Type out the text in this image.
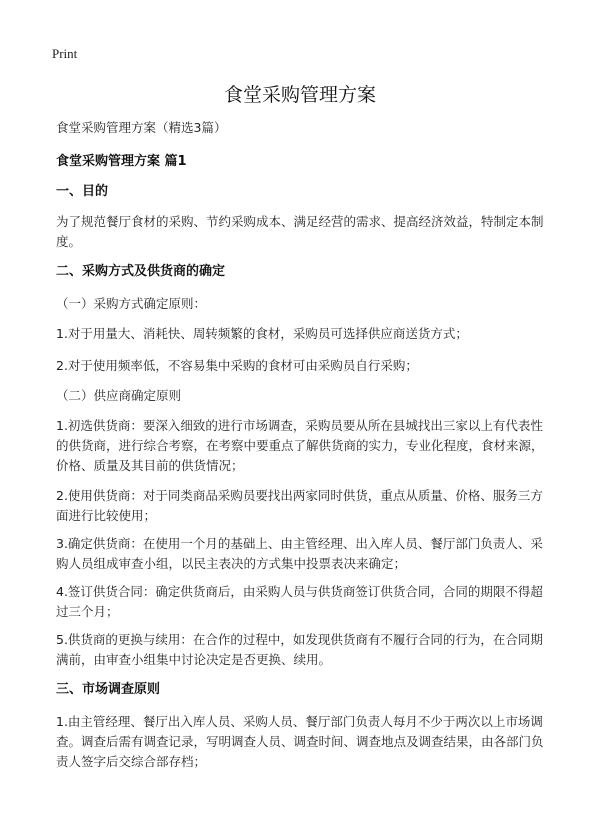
Print
食堂采购管理方案

食堂采购管理方案（精选3篇）

食堂采购管理方案 篇1

一、目的

为了规范餐厅食材的采购、节约采购成本、满足经营的需求、提高经济效益，特制定本制度。

二、采购方式及供货商的确定

（一）采购方式确定原则：

1.对于用量大、消耗快、周转频繁的食材，采购员可选择供应商送货方式；

2.对于使用频率低，不容易集中采购的食材可由采购员自行采购；

（二）供应商确定原则

1.初选供货商：要深入细致的进行市场调查，采购员要从所在县城找出三家以上有代表性的供货商，进行综合考察，在考察中要重点了解供货商的实力，专业化程度，食材来源，价格、质量及其目前的供货情况；

2.使用供货商：对于同类商品采购员要找出两家同时供货，重点从质量、价格、服务三方面进行比较使用；

3.确定供货商：在使用一个月的基础上、由主管经理、出入库人员、餐厅部门负责人、采购人员组成审查小组，以民主表决的方式集中投票表决来确定；

4.签订供货合同：确定供货商后，由采购人员与供货商签订供货合同，合同的期限不得超过三个月；

5.供货商的更换与续用：在合作的过程中，如发现供货商有不履行合同的行为，在合同期满前，由审查小组集中讨论决定是否更换、续用。

三、市场调查原则

1.由主管经理、餐厅出入库人员、采购人员、餐厅部门负责人每月不少于两次以上市场调查。调查后需有调查记录，写明调查人员、调查时间、调查地点及调查结果，由各部门负责人签字后交综合部存档；
